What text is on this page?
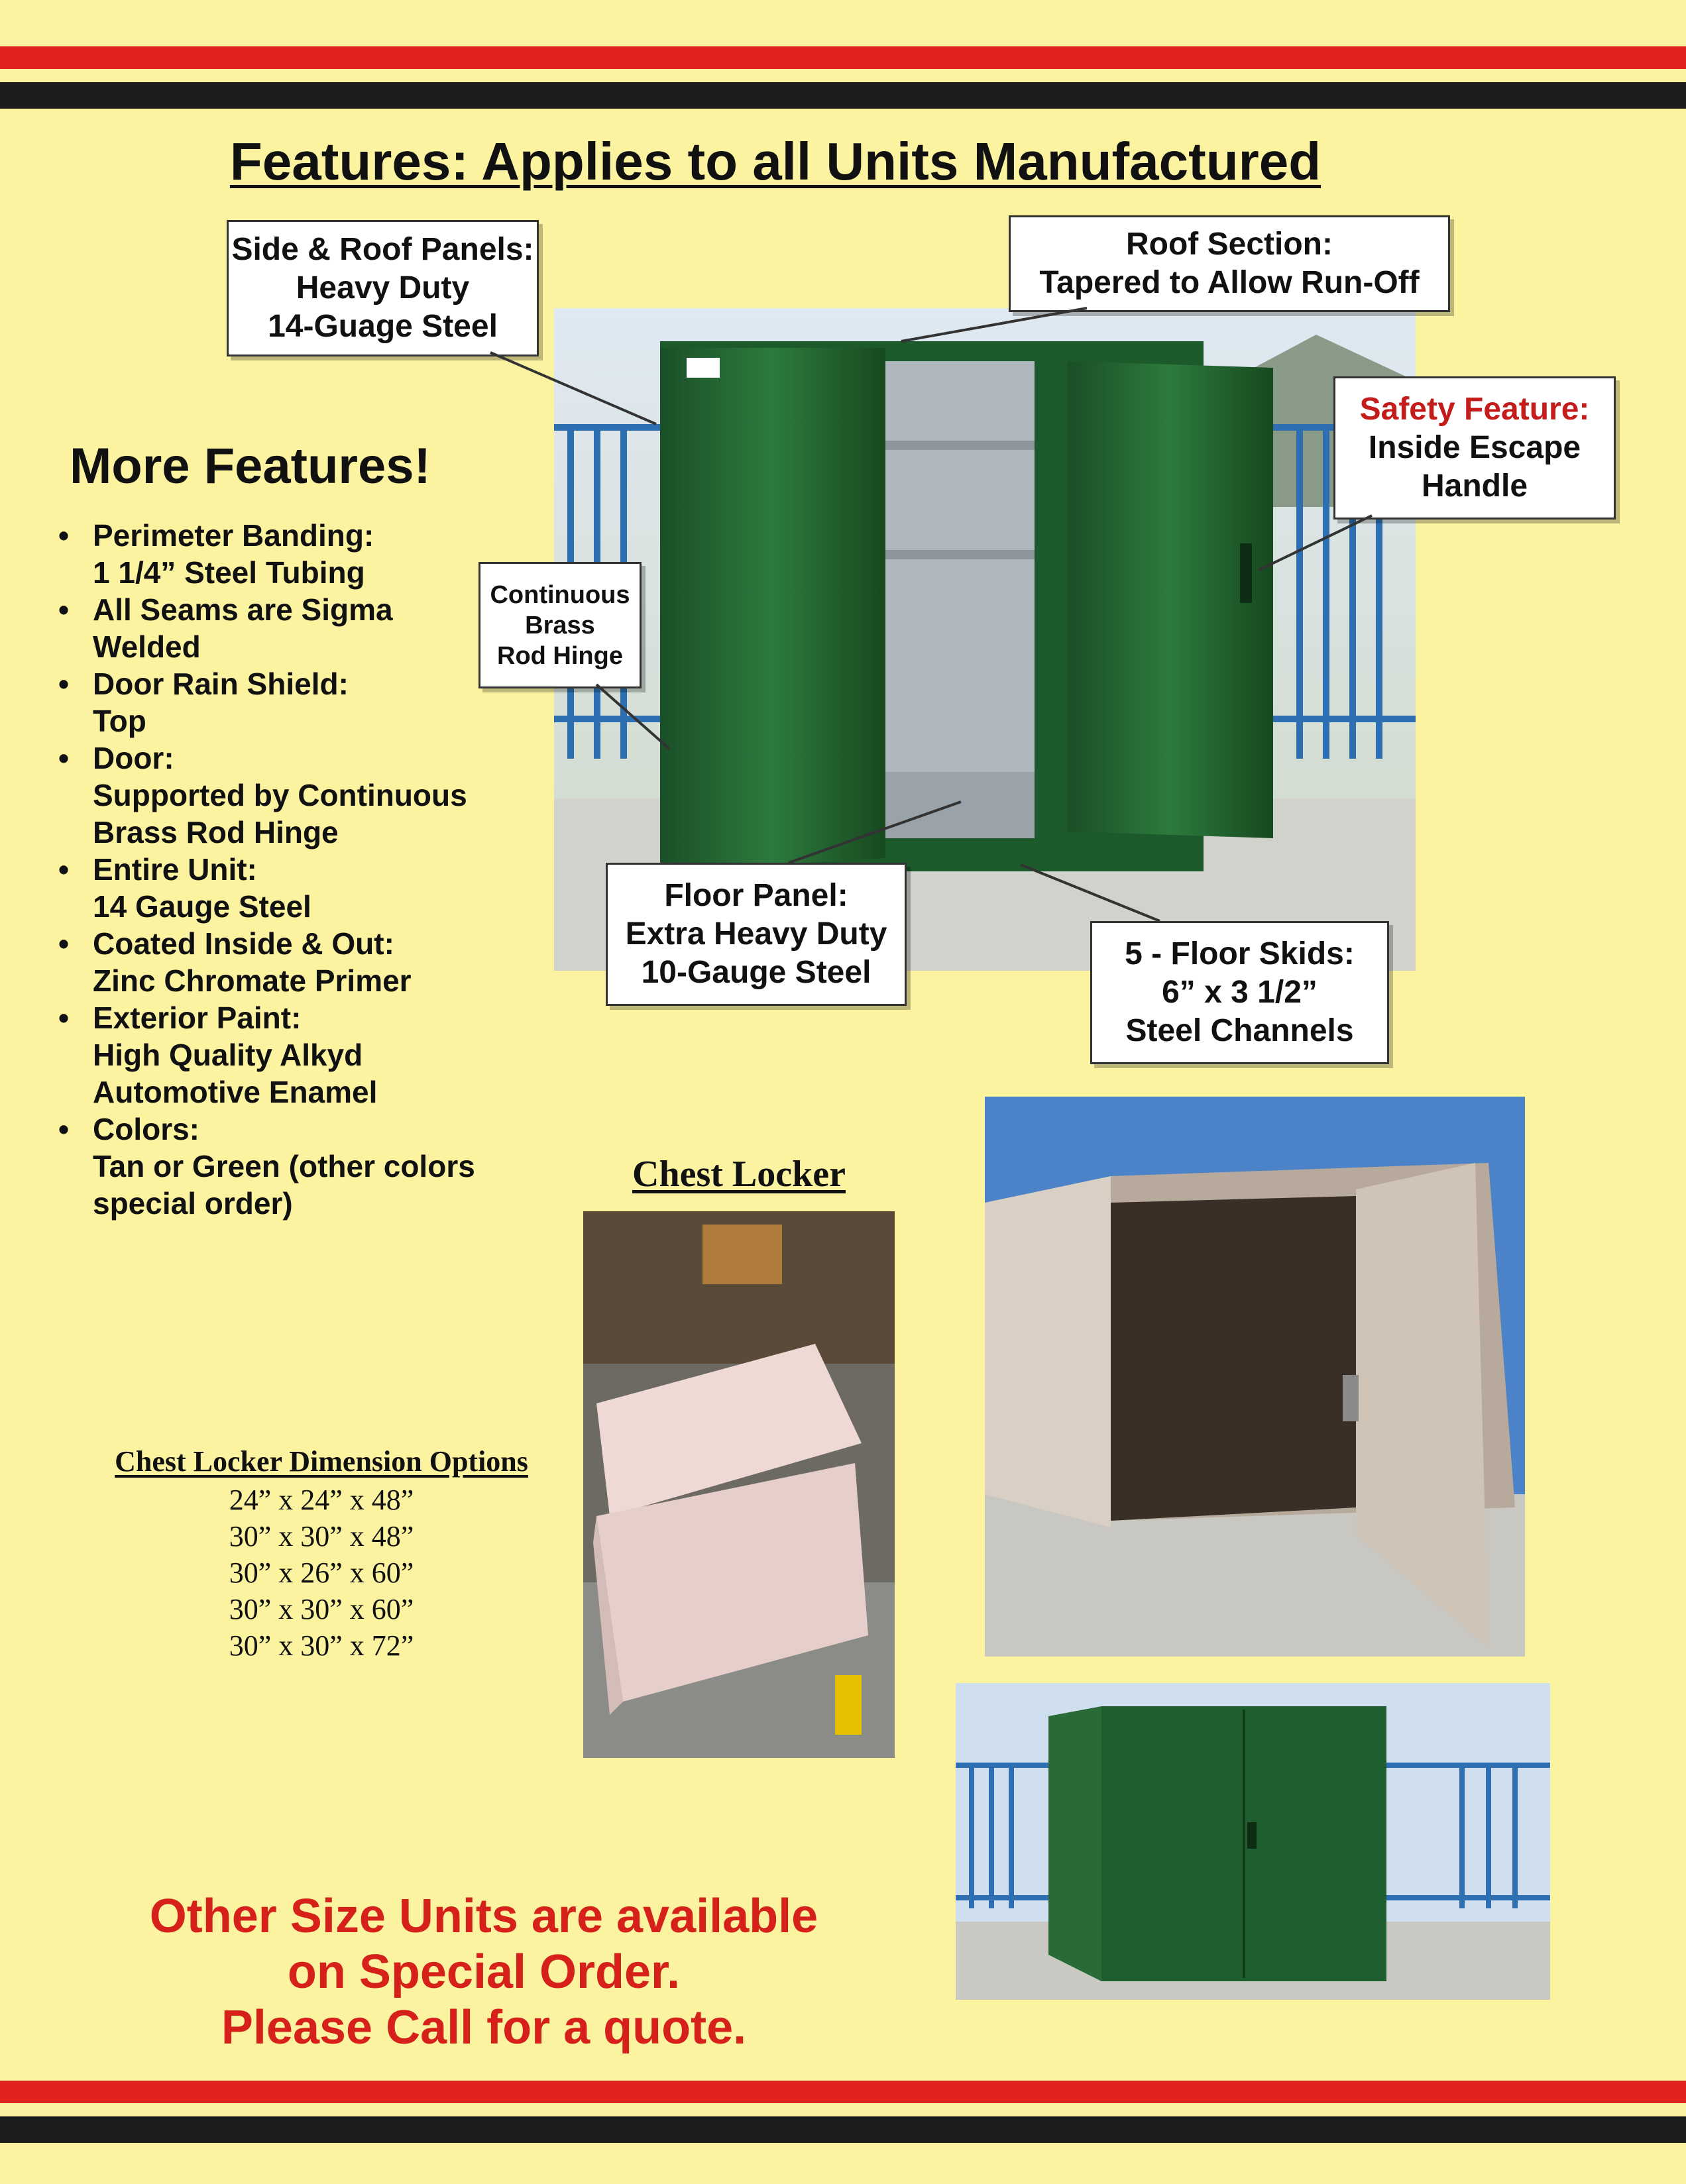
Features: Applies to all Units Manufactured
Side & Roof Panels:
Heavy Duty
14-Guage Steel
Roof Section:
Tapered to Allow Run-Off
Safety Feature:
Inside Escape
Handle
Continuous
Brass
Rod Hinge
Floor Panel:
Extra Heavy Duty
10-Gauge Steel
5 - Floor Skids:
6” x 3 1/2”
Steel Channels
More Features!
• Perimeter Banding:
1 1/4” Steel Tubing
• All Seams are Sigma
Welded
• Door Rain Shield:
Top
• Door:
Supported by Continuous Brass Rod Hinge
• Entire Unit:
14 Gauge Steel
• Coated Inside & Out:
Zinc Chromate Primer
• Exterior Paint:
High Quality Alkyd Automotive Enamel
• Colors:
Tan or Green (other colors special order)
Chest Locker
Chest Locker Dimension Options
24” x 24” x 48”
30” x 30” x 48”
30” x 26” x 60”
30” x 30” x 60”
30” x 30” x 72”
Other Size Units are available
on Special Order.
Please Call for a quote.
